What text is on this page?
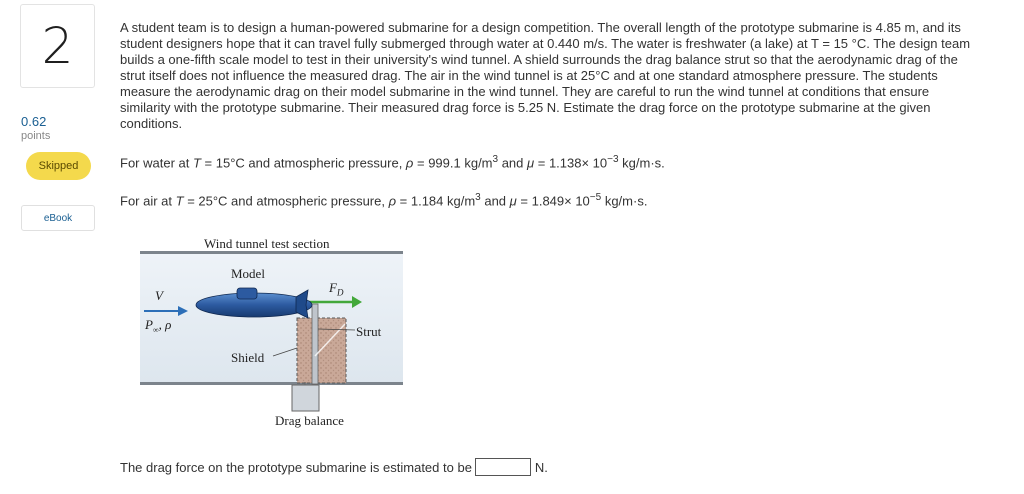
2
0.62
points
Skipped
eBook

A student team is to design a human-powered submarine for a design competition. The overall length of the prototype submarine is 4.85 m, and its student designers hope that it can travel fully submerged through water at 0.440 m/s. The water is freshwater (a lake) at T = 15 °C. The design team builds a one-fifth scale model to test in their university's wind tunnel. A shield surrounds the drag balance strut so that the aerodynamic drag of the strut itself does not influence the measured drag. The air in the wind tunnel is at 25°C and at one standard atmosphere pressure. The students measure the aerodynamic drag on their model submarine in the wind tunnel. They are careful to run the wind tunnel at conditions that ensure similarity with the prototype submarine. Their measured drag force is 5.25 N. Estimate the drag force on the prototype submarine at the given conditions.

For water at T = 15°C and atmospheric pressure, ρ = 999.1 $kg/m^3$ and $\mu = 1.138\times 10^{-3}$ kg/m·s.
For air at T = 25°C and atmospheric pressure, ρ = 1.184 $kg/m^3$ and $\mu = 1.849\times 10^{-5}$ kg/m·s.
Wind tunnel test section
Model
$F_D$
V
$P_\infty$, ρ	Strut
Shield
Drag balance
The drag force on the prototype submarine is estimated to be	N.
